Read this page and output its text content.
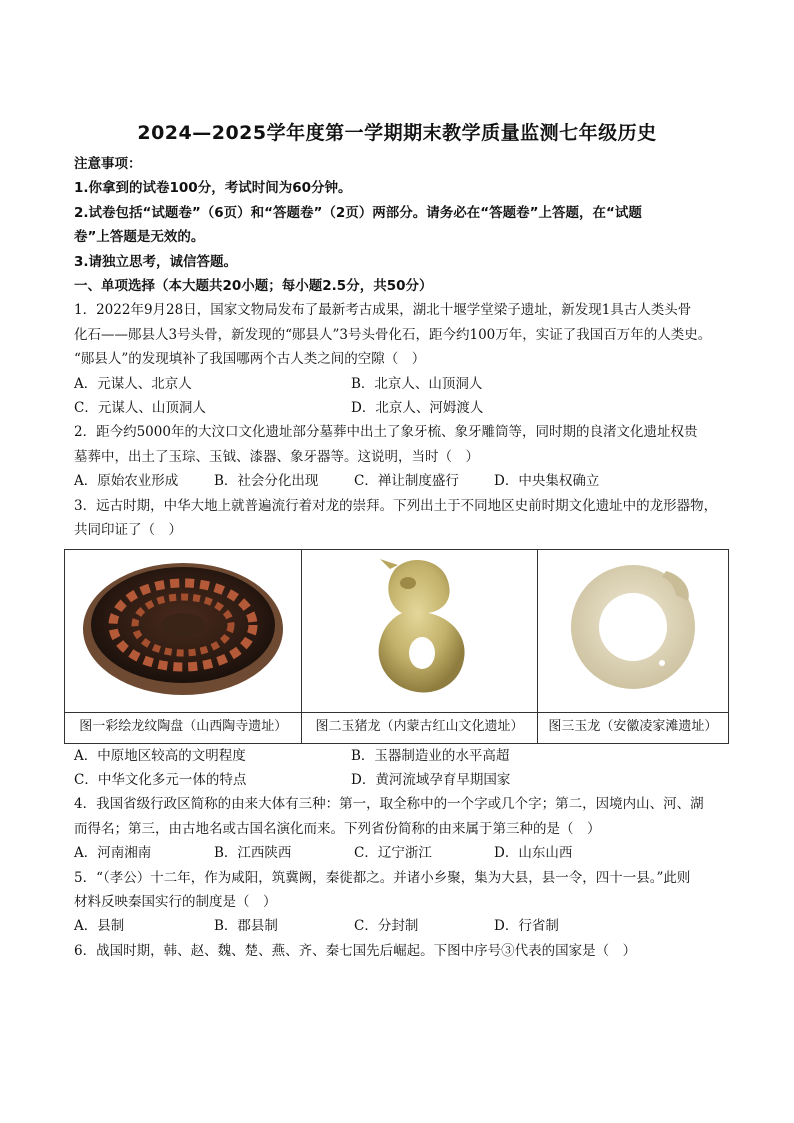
2024—2025学年度第一学期期末教学质量监测七年级历史

注意事项：

1.你拿到的试卷100分，考试时间为60分钟。

2.试卷包括“试题卷”（6页）和“答题卷”（2页）两部分。请务必在“答题卷”上答题，在“试题

卷”上答题是无效的。

3.请独立思考，诚信答题。

一、单项选择（本大题共20小题；每小题2.5分，共50分）

1．2022年9月28日，国家文物局发布了最新考古成果，湖北十堰学堂梁子遗址，新发现1具古人类头骨

化石——郧县人3号头骨，新发现的“郧县人”3号头骨化石，距今约100万年，实证了我国百万年的人类史。

“郧县人”的发现填补了我国哪两个古人类之间的空隙（　）

A．元谋人、北京人	B．北京人、山顶洞人
C．元谋人、山顶洞人	D．北京人、河姆渡人

2．距今约5000年的大汶口文化遗址部分墓葬中出土了象牙梳、象牙雕筒等，同时期的良渚文化遗址权贵

墓葬中，出土了玉琮、玉钺、漆器、象牙器等。这说明，当时（　）

A．原始农业形成	B．社会分化出现	C．禅让制度盛行	D．中央集权确立

3．远古时期，中华大地上就普遍流行着对龙的崇拜。下列出土于不同地区史前时期文化遗址中的龙形器物，

共同印证了（　）

图一彩绘龙纹陶盘（山西陶寺遗址）	图二玉猪龙（内蒙古红山文化遗址）	图三玉龙（安徽凌家滩遗址）
A．中原地区较高的文明程度	B．玉器制造业的水平高超
C．中华文化多元一体的特点	D．黄河流域孕育早期国家

4．我国省级行政区简称的由来大体有三种：第一，取全称中的一个字或几个字；第二，因境内山、河、湖

而得名；第三，由古地名或古国名演化而来。下列省份简称的由来属于第三种的是（　）

A．河南湘南	B．江西陕西	C．辽宁浙江	D．山东山西

5．“（孝公）十二年，作为咸阳，筑冀阙，秦徙都之。并诸小乡聚，集为大县，县一令，四十一县。”此则

材料反映秦国实行的制度是（　）

A．县制	B．郡县制	C．分封制	D．行省制

6．战国时期，韩、赵、魏、楚、燕、齐、秦七国先后崛起。下图中序号③代表的国家是（　）
